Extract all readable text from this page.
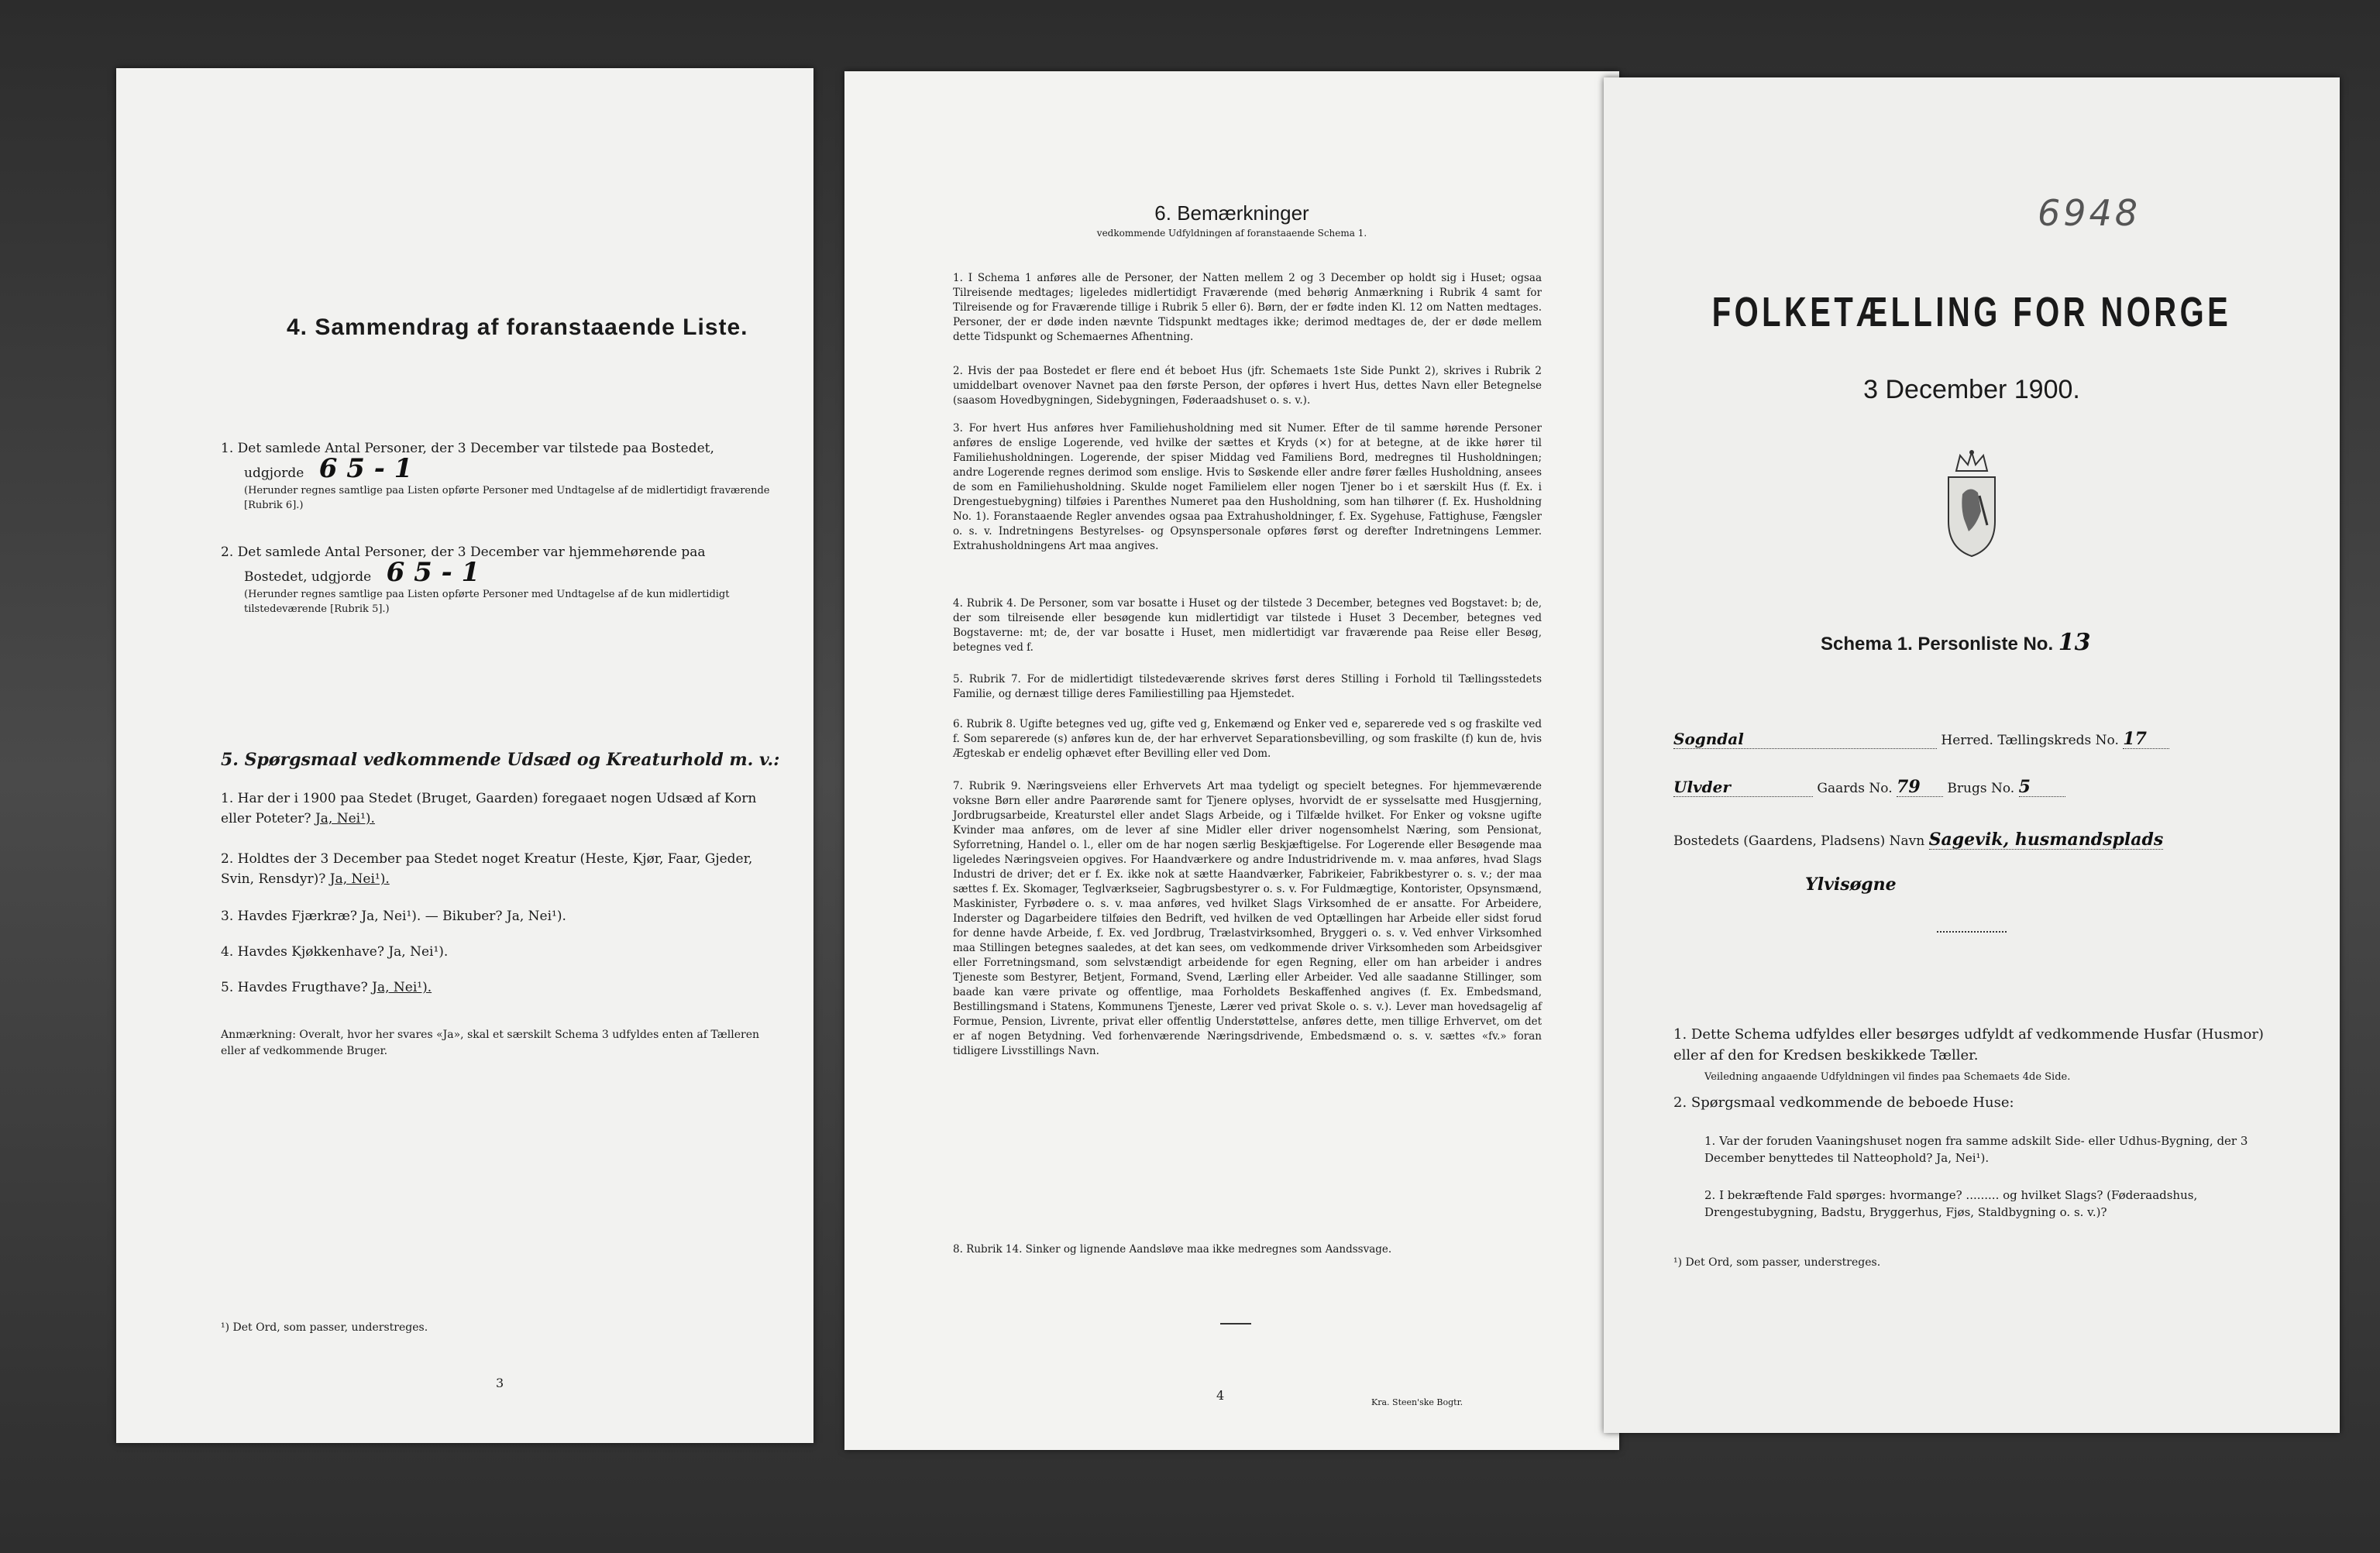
4. Sammendrag af foranstaaende Liste.
1. Det samlede Antal Personer, der 3 December var tilstede paa Bostedet,
udgjorde 6 5 - 1
(Herunder regnes samtlige paa Listen opførte Personer med Undtagelse af de midlertidigt fraværende [Rubrik 6].)
2. Det samlede Antal Personer, der 3 December var hjemmehørende paa
Bostedet, udgjorde 6 5 - 1
(Herunder regnes samtlige paa Listen opførte Personer med Undtagelse af de kun midlertidigt tilstedeværende [Rubrik 5].)
5. Spørgsmaal vedkommende Udsæd og Kreaturhold m. v.:
1. Har der i 1900 paa Stedet (Bruget, Gaarden) foregaaet nogen Udsæd af Korn eller Poteter? Ja, Nei¹).
2. Holdtes der 3 December paa Stedet noget Kreatur (Heste, Kjør, Faar, Gjeder, Svin, Rensdyr)? Ja, Nei¹).
3. Havdes Fjærkræ? Ja, Nei¹). — Bikuber? Ja, Nei¹).
4. Havdes Kjøkkenhave? Ja, Nei¹).
5. Havdes Frugthave? Ja, Nei¹).
Anmærkning: Overalt, hvor her svares «Ja», skal et særskilt Schema 3 udfyldes enten af Tælleren eller af vedkommende Bruger.
¹) Det Ord, som passer, understreges.
3
6. Bemærkninger
vedkommende Udfyldningen af foranstaaende Schema 1.
1. I Schema 1 anføres alle de Personer, der Natten mellem 2 og 3 December op holdt sig i Huset; ogsaa Tilreisende medtages; ligeledes midlertidigt Fraværende (med behørig Anmærkning i Rubrik 4 samt for Tilreisende og for Fraværende tillige i Rubrik 5 eller 6). Børn, der er fødte inden Kl. 12 om Natten medtages. Personer, der er døde inden nævnte Tidspunkt medtages ikke; derimod medtages de, der er døde mellem dette Tidspunkt og Schemaernes Afhentning.
2. Hvis der paa Bostedet er flere end ét beboet Hus (jfr. Schemaets 1ste Side Punkt 2), skrives i Rubrik 2 umiddelbart ovenover Navnet paa den første Person, der opføres i hvert Hus, dettes Navn eller Betegnelse (saasom Hovedbygningen, Sidebygningen, Føderaadshuset o. s. v.).
3. For hvert Hus anføres hver Familiehusholdning med sit Numer. Efter de til samme hørende Personer anføres de enslige Logerende, ved hvilke der sættes et Kryds (×) for at betegne, at de ikke hører til Familiehusholdningen. Logerende, der spiser Middag ved Familiens Bord, medregnes til Husholdningen; andre Logerende regnes derimod som enslige. Hvis to Søskende eller andre fører fælles Husholdning, ansees de som en Familiehusholdning. Skulde noget Familielem eller nogen Tjener bo i et særskilt Hus (f. Ex. i Drengestuebygning) tilføies i Parenthes Numeret paa den Husholdning, som han tilhører (f. Ex. Husholdning No. 1). Foranstaaende Regler anvendes ogsaa paa Extrahusholdninger, f. Ex. Sygehuse, Fattighuse, Fængsler o. s. v. Indretningens Bestyrelses- og Opsynspersonale opføres først og derefter Indretningens Lemmer. Extrahusholdningens Art maa angives.
4. Rubrik 4. De Personer, som var bosatte i Huset og der tilstede 3 December, betegnes ved Bogstavet: b; de, der som tilreisende eller besøgende kun midlertidigt var tilstede i Huset 3 December, betegnes ved Bogstaverne: mt; de, der var bosatte i Huset, men midlertidigt var fraværende paa Reise eller Besøg, betegnes ved f.
5. Rubrik 7. For de midlertidigt tilstedeværende skrives først deres Stilling i Forhold til Tællingsstedets Familie, og dernæst tillige deres Familiestilling paa Hjemstedet.
6. Rubrik 8. Ugifte betegnes ved ug, gifte ved g, Enkemænd og Enker ved e, separerede ved s og fraskilte ved f. Som separerede (s) anføres kun de, der har erhvervet Separationsbevilling, og som fraskilte (f) kun de, hvis Ægteskab er endelig ophævet efter Bevilling eller ved Dom.
7. Rubrik 9. Næringsveiens eller Erhvervets Art maa tydeligt og specielt betegnes. For hjemmeværende voksne Børn eller andre Paarørende samt for Tjenere oplyses, hvorvidt de er sysselsatte med Husgjerning, Jordbrugsarbeide, Kreaturstel eller andet Slags Arbeide, og i Tilfælde hvilket. For Enker og voksne ugifte Kvinder maa anføres, om de lever af sine Midler eller driver nogensomhelst Næring, som Pensionat, Syforretning, Handel o. l., eller om de har nogen særlig Beskjæftigelse. For Logerende eller Besøgende maa ligeledes Næringsveien opgives. For Haandværkere og andre Industridrivende m. v. maa anføres, hvad Slags Industri de driver; det er f. Ex. ikke nok at sætte Haandværker, Fabrikeier, Fabrikbestyrer o. s. v.; der maa sættes f. Ex. Skomager, Teglværkseier, Sagbrugsbestyrer o. s. v. For Fuldmægtige, Kontorister, Opsynsmænd, Maskinister, Fyrbødere o. s. v. maa anføres, ved hvilket Slags Virksomhed de er ansatte. For Arbeidere, Inderster og Dagarbeidere tilføies den Bedrift, ved hvilken de ved Optællingen har Arbeide eller sidst forud for denne havde Arbeide, f. Ex. ved Jordbrug, Trælastvirksomhed, Bryggeri o. s. v. Ved enhver Virksomhed maa Stillingen betegnes saaledes, at det kan sees, om vedkommende driver Virksomheden som Arbeidsgiver eller Forretningsmand, som selvstændigt arbeidende for egen Regning, eller om han arbeider i andres Tjeneste som Bestyrer, Betjent, Formand, Svend, Lærling eller Arbeider. Ved alle saadanne Stillinger, som baade kan være private og offentlige, maa Forholdets Beskaffenhed angives (f. Ex. Embedsmand, Bestillingsmand i Statens, Kommunens Tjeneste, Lærer ved privat Skole o. s. v.). Lever man hovedsagelig af Formue, Pension, Livrente, privat eller offentlig Understøttelse, anføres dette, men tillige Erhvervet, om det er af nogen Betydning. Ved forhenværende Næringsdrivende, Embedsmænd o. s. v. sættes «fv.» foran tidligere Livsstillings Navn.
8. Rubrik 14. Sinker og lignende Aandsløve maa ikke medregnes som Aandssvage.
4	Kra. Steen'ske Bogtr.
6948
FOLKETÆLLING FOR NORGE
3 December 1900.
Schema 1. Personliste No. 13
Sogndal	Herred. Tællingskreds No. 17
Ulvder	Gaards No. 79 Brugs No. 5
Bostedets (Gaardens, Pladsens) Navn Sagevik, husmandsplads
Ylvisøgne
1. Dette Schema udfyldes eller besørges udfyldt af vedkommende Husfar (Husmor) eller af den for Kredsen beskikkede Tæller.
Veiledning angaaende Udfyldningen vil findes paa Schemaets 4de Side.
2. Spørgsmaal vedkommende de beboede Huse:
1. Var der foruden Vaaningshuset nogen fra samme adskilt Side- eller Udhus-Bygning, der 3 December benyttedes til Natteophold? Ja, Nei¹).
2. I bekræftende Fald spørges: hvormange? ......... og hvilket Slags? (Føderaadshus, Drengestubygning, Badstu, Bryggerhus, Fjøs, Staldbygning o. s. v.)?
¹) Det Ord, som passer, understreges.
